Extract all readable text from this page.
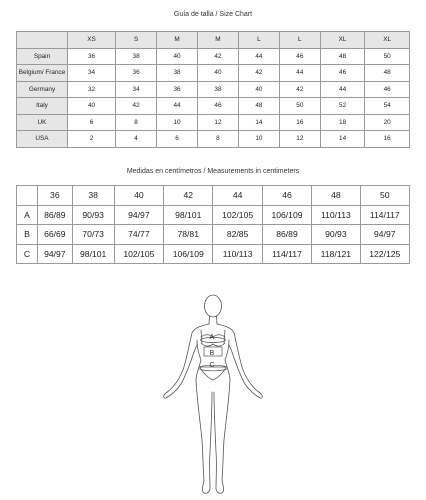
Guía de talla / Size Chart
	XS	S	M	M	L	L	XL	XL
Spain	36	38	40	42	44	46	48	50
Belgium/ France	34	36	38	40	42	44	46	48
Germany	32	34	36	38	40	42	44	46
Italy	40	42	44	46	48	50	52	54
UK	6	8	10	12	14	16	18	20
USA	2	4	6	8	10	12	14	16
Medidas en centímetros / Measurements in centimeters
	36	38	40	42	44	46	48	50
A	86/89	90/93	94/97	98/101	102/105	106/109	110/113	114/117
B	66/69	70/73	74/77	78/81	82/85	86/89	90/93	94/97
C	94/97	98/101	102/105	106/109	110/113	114/117	118/121	122/125
A
B
C
